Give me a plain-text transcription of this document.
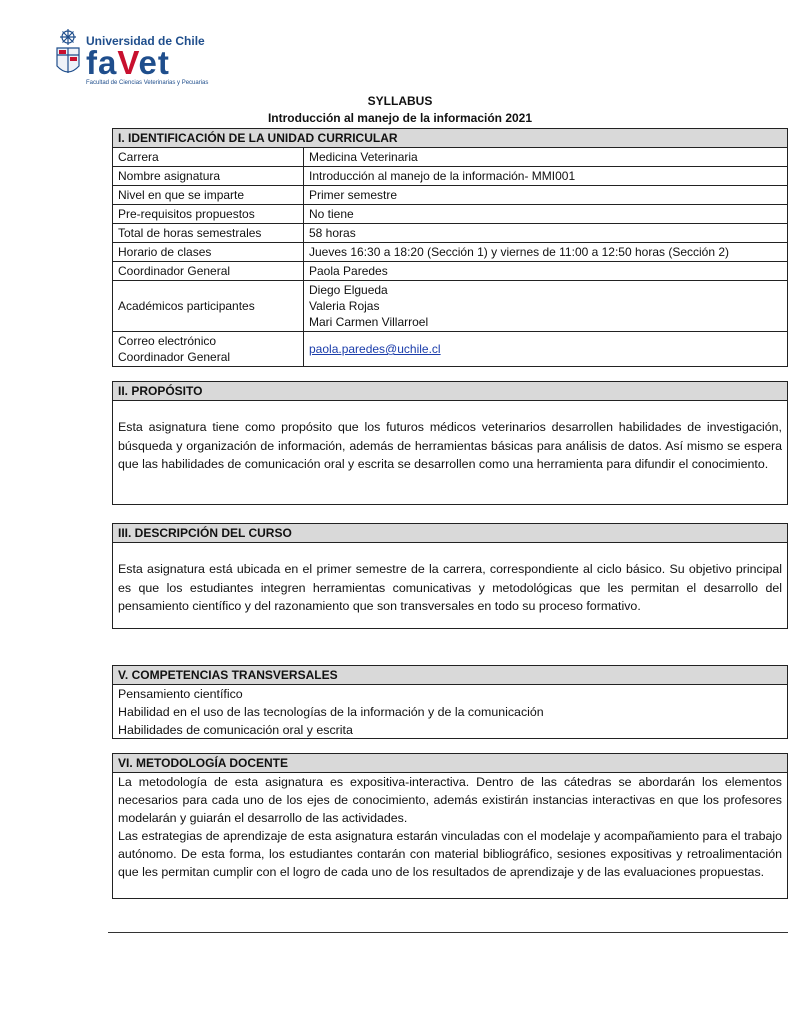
Universidad de Chile
faVet
Facultad de Ciencias Veterinarias y Pecuarias
SYLLABUS
Introducción al manejo de la información 2021
I. IDENTIFICACIÓN DE LA UNIDAD CURRICULAR	
Carrera	Medicina Veterinaria
Nombre asignatura	Introducción al manejo de la información- MMI001
Nivel en que se imparte	Primer semestre
Pre-requisitos propuestos	No tiene
Total de horas semestrales	58 horas
Horario de clases	Jueves 16:30 a 18:20 (Sección 1) y viernes de 11:00 a 12:50 horas (Sección 2)
Coordinador General	Paola Paredes
Académicos participantes	Diego Elgueda
Valeria Rojas
Mari Carmen Villarroel

Correo electrónico
Coordinador General	paola.paredes@uchile.cl
II. PROPÓSITO
Esta asignatura tiene como propósito que los futuros médicos veterinarios desarrollen habilidades de investigación, búsqueda y organización de información, además de herramientas básicas para análisis de datos. Así mismo se espera que las habilidades de comunicación oral y escrita se desarrollen como una herramienta para difundir el conocimiento.
III. DESCRIPCIÓN DEL CURSO
Esta asignatura está ubicada en el primer semestre de la carrera, correspondiente al ciclo básico. Su objetivo principal es que los estudiantes integren herramientas comunicativas y metodológicas que les permitan el desarrollo del pensamiento científico y del razonamiento que son transversales en todo su proceso formativo.
V. COMPETENCIAS TRANSVERSALES
Pensamiento científico
Habilidad en el uso de las tecnologías de la información y de la comunicación
Habilidades de comunicación oral y escrita
VI. METODOLOGÍA DOCENTE
La metodología de esta asignatura es expositiva-interactiva. Dentro de las cátedras se abordarán los elementos necesarios para cada uno de los ejes de conocimiento, además existirán instancias interactivas en que los profesores modelarán y guiarán el desarrollo de las actividades.
Las estrategias de aprendizaje de esta asignatura estarán vinculadas con el modelaje y acompañamiento para el trabajo autónomo. De esta forma, los estudiantes contarán con material bibliográfico, sesiones expositivas y retroalimentación que les permitan cumplir con el logro de cada uno de los resultados de aprendizaje y de las evaluaciones propuestas.
